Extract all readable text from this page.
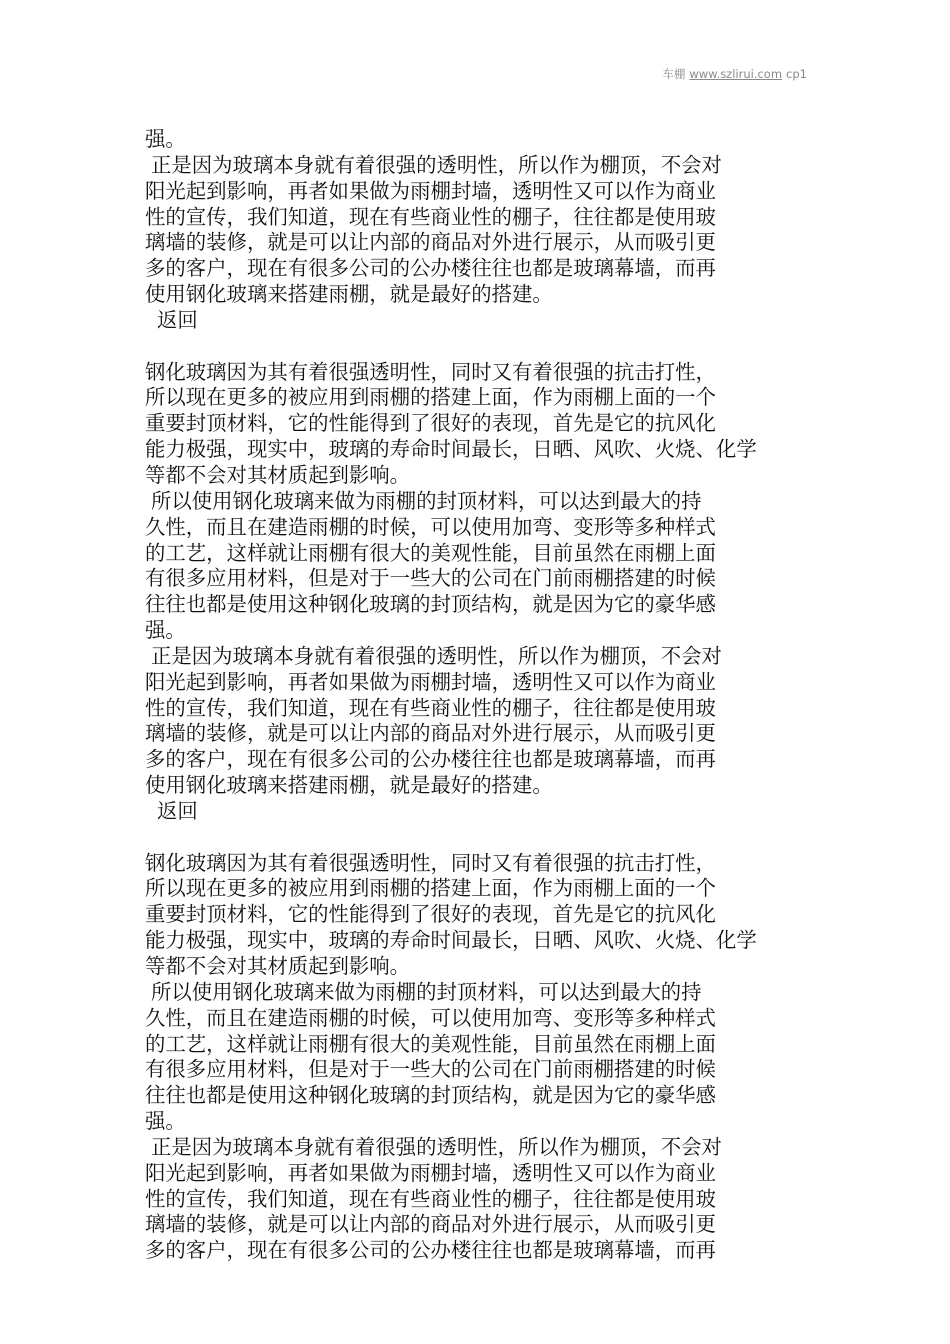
车棚 www.szlirui.com cp1
强。
正是因为玻璃本身就有着很强的透明性，所以作为棚顶，不会对
阳光起到影响，再者如果做为雨棚封墙，透明性又可以作为商业
性的宣传，我们知道，现在有些商业性的棚子，往往都是使用玻
璃墙的装修，就是可以让内部的商品对外进行展示，从而吸引更
多的客户，现在有很多公司的公办楼往往也都是玻璃幕墙，而再
使用钢化玻璃来搭建雨棚，就是最好的搭建。
返回
钢化玻璃因为其有着很强透明性，同时又有着很强的抗击打性，
所以现在更多的被应用到雨棚的搭建上面，作为雨棚上面的一个
重要封顶材料，它的性能得到了很好的表现，首先是它的抗风化
能力极强，现实中，玻璃的寿命时间最长，日晒、风吹、火烧、化学
等都不会对其材质起到影响。
所以使用钢化玻璃来做为雨棚的封顶材料，可以达到最大的持
久性，而且在建造雨棚的时候，可以使用加弯、变形等多种样式
的工艺，这样就让雨棚有很大的美观性能，目前虽然在雨棚上面
有很多应用材料，但是对于一些大的公司在门前雨棚搭建的时候
往往也都是使用这种钢化玻璃的封顶结构，就是因为它的豪华感
强。
正是因为玻璃本身就有着很强的透明性，所以作为棚顶，不会对
阳光起到影响，再者如果做为雨棚封墙，透明性又可以作为商业
性的宣传，我们知道，现在有些商业性的棚子，往往都是使用玻
璃墙的装修，就是可以让内部的商品对外进行展示，从而吸引更
多的客户，现在有很多公司的公办楼往往也都是玻璃幕墙，而再
使用钢化玻璃来搭建雨棚，就是最好的搭建。
返回
钢化玻璃因为其有着很强透明性，同时又有着很强的抗击打性，
所以现在更多的被应用到雨棚的搭建上面，作为雨棚上面的一个
重要封顶材料，它的性能得到了很好的表现，首先是它的抗风化
能力极强，现实中，玻璃的寿命时间最长，日晒、风吹、火烧、化学
等都不会对其材质起到影响。
所以使用钢化玻璃来做为雨棚的封顶材料，可以达到最大的持
久性，而且在建造雨棚的时候，可以使用加弯、变形等多种样式
的工艺，这样就让雨棚有很大的美观性能，目前虽然在雨棚上面
有很多应用材料，但是对于一些大的公司在门前雨棚搭建的时候
往往也都是使用这种钢化玻璃的封顶结构，就是因为它的豪华感
强。
正是因为玻璃本身就有着很强的透明性，所以作为棚顶，不会对
阳光起到影响，再者如果做为雨棚封墙，透明性又可以作为商业
性的宣传，我们知道，现在有些商业性的棚子，往往都是使用玻
璃墙的装修，就是可以让内部的商品对外进行展示，从而吸引更
多的客户，现在有很多公司的公办楼往往也都是玻璃幕墙，而再
